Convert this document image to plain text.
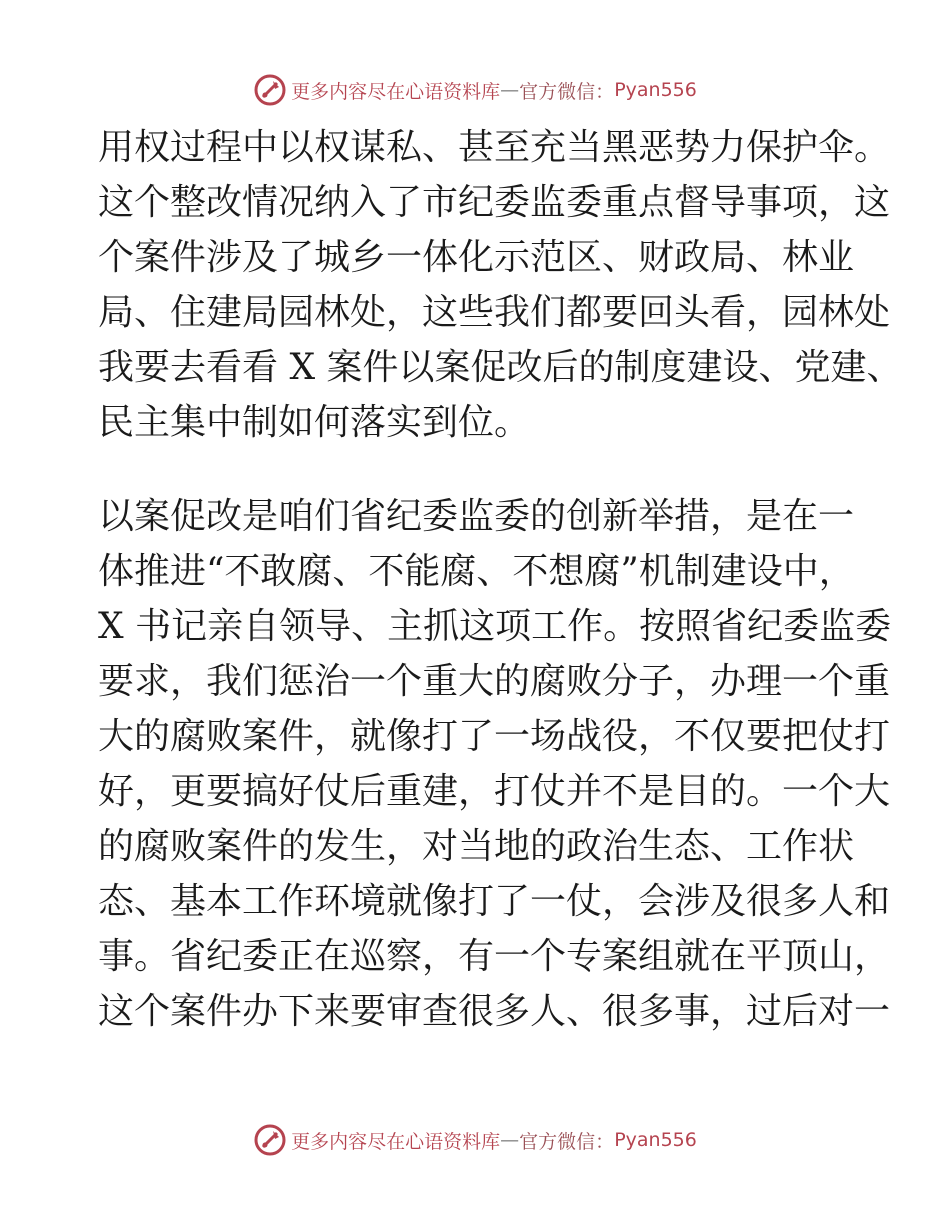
更多内容尽在心语资料库 — 官方微信： Pyan556
用权过程中以权谋私、甚至充当黑恶势力保护伞。
这个整改情况纳入了市纪委监委重点督导事项，这
个案件涉及了城乡一体化示范区、财政局、林业
局、住建局园林处，这些我们都要回头看，园林处
我要去看看 X 案件以案促改后的制度建设、党建、
民主集中制如何落实到位。
以案促改是咱们省纪委监委的创新举措，是在一
体推进“不敢腐、不能腐、不想腐”机制建设中，
X 书记亲自领导、主抓这项工作。按照省纪委监委
要求，我们惩治一个重大的腐败分子，办理一个重
大的腐败案件，就像打了一场战役，不仅要把仗打
好，更要搞好仗后重建，打仗并不是目的。一个大
的腐败案件的发生，对当地的政治生态、工作状
态、基本工作环境就像打了一仗，会涉及很多人和
事。省纪委正在巡察，有一个专案组就在平顶山，
这个案件办下来要审查很多人、很多事，过后对一
更多内容尽在心语资料库 — 官方微信： Pyan556
